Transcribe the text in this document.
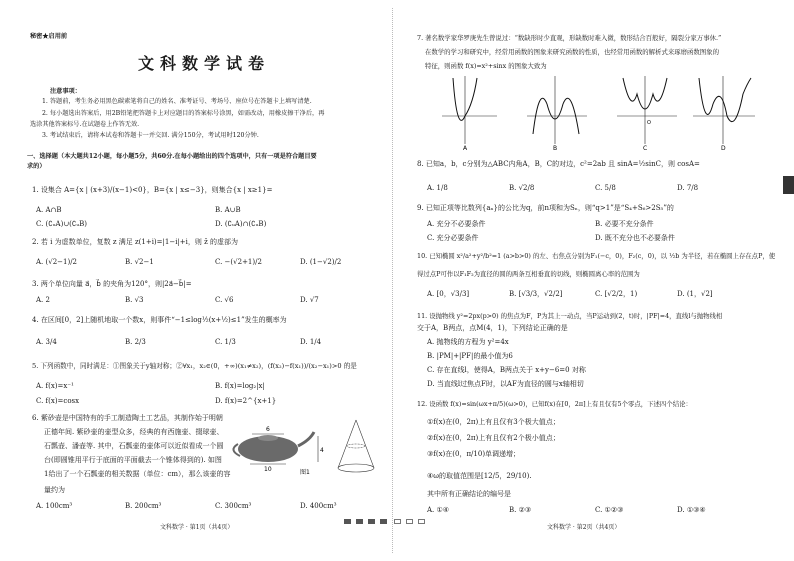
秘密★启用前
文科数学试卷
注意事项：
1. 答题前，考生务必用黑色碳素笔将自己的姓名、准考证号、考场号、座位号在答题卡上填写清楚.
2. 每小题选出答案后，用2B铅笔把答题卡上对应题目的答案标号涂黑，如需改动，用橡皮擦干净后，再
选涂其他答案标号.在试题卷上作答无效.
3. 考试结束后，请将本试卷和答题卡一并交回. 满分150分，考试用时120分钟.
一、选择题（本大题共12小题，每小题5分，共60分.在每小题给出的四个选项中，只有一项是符合题目要
求的）
1. 设集合 A={x | (x+3)/(x−1)<0}，B={x | x≤−3}，则集合{x | x≥1}=
A. A∩B	B. A∪B
C. (∁ᵤA)∪(∁ᵤB)	D. (∁ᵤA)∩(∁ᵤB)
2. 若 i 为虚数单位，复数 z 满足 z(1+i)=|1−i|+i，则 z̄ 的虚部为
A. (√2−1)/2	B. √2−1	C. −(√2+1)/2	D. (1−√2)/2
3. 两个单位向量 a⃗，b⃗ 的夹角为120°，则|2a⃗−b⃗|=
A. 2	B. √3	C. √6	D. √7
4. 在区间[0，2]上随机地取一个数x，则事件“−1≤log½(x+½)≤1”发生的概率为
A. 3/4	B. 2/3	C. 1/3	D. 1/4
5. 下列函数中，同时满足：①图象关于y轴对称；②∀x₁，x₂∈(0，+∞)(x₁≠x₂)，(f(x₂)−f(x₁))/(x₂−x₁)>0 的是
A. f(x)=x⁻¹	B. f(x)=log₂|x|
C. f(x)=cosx	D. f(x)=2^{x+1}
6. 紫砂壶是中国特有的手工制造陶土工艺品，其制作始于明朝
正德年间. 紫砂壶的壶型众多，经典的有西施壶、掇球壶、
石瓢壶、潘壶等. 其中，石瓢壶的壶体可以近似看成一个圆
台(即圆锥用平行于底面的平面截去一个锥体得到的). 如图
1给出了一个石瓢壶的相关数据（单位：cm），那么该壶的容
量约为
6
4
10	图1
A. 100cm³	B. 200cm³	C. 300cm³	D. 400cm³
文科数学 · 第1页（共4页）
7. 著名数学家华罗庚先生曾说过：“数缺形时少直观，形缺数时难入微，数形结合百般好，隔裂分家万事休.”
在数学的学习和研究中，经常用函数的图象来研究函数的性质，也经常用函数的解析式来琢磨函数图象的
特征，则函数 f(x)=x²+sinx 的图象大致为
A	B
O
C	D
8. 已知a，b，c分别为△ABC内角A，B，C的对边，c²=2ab 且 sinA=½sinC，则 cosA=
A. 1/8	B. √2/8	C. 5/8	D. 7/8
9. 已知正项等比数列{aₙ}的公比为q，前n项和为Sₙ，则“q>1”是“S₄+S₆>2S₅”的
A. 充分不必要条件	B. 必要不充分条件
C. 充分必要条件	D. 既不充分也不必要条件
10. 已知椭圆 x²/a²+y²/b²=1 (a>b>0) 的左、右焦点分别为F₁(−c，0)，F₂(c，0)，以 ½b 为半径，若在椭圆上存在点P，使
得过点P可作以F₁F₂为直径的圆的两条互相垂直的切线，则椭圆离心率的范围为
A. [0，√3/3]	B. [√3/3，√2/2]	C. [√2/2，1)	D. (1，√2]
11. 设抛物线 y²=2px(p>0) 的焦点为F，P为其上一动点，当P运动到(2，t)时，|PF|=4，直线l与抛物线相
交于A，B两点，点M(4，1)，下列结论正确的是
A. 抛物线的方程为 y²=4x
B. |PM|+|PF|的最小值为6
C. 存在直线l，使得A，B两点关于 x+y−6=0 对称
D. 当直线l过焦点F时，以AF为直径的圆与x轴相切
12. 设函数 f(x)=sin(ωx+π/5)(ω>0)，已知f(x)在[0，2π]上有且仅有5个零点，下述四个结论：
①f(x)在(0，2π)上有且仅有3个极大值点；
②f(x)在(0，2π)上有且仅有2个极小值点；
③f(x)在(0，π/10)单调递增；
④ω的取值范围是[12/5，29/10).
其中所有正确结论的编号是
A. ①④	B. ②③	C. ①②③	D. ①③④
文科数学 · 第2页（共4页）
